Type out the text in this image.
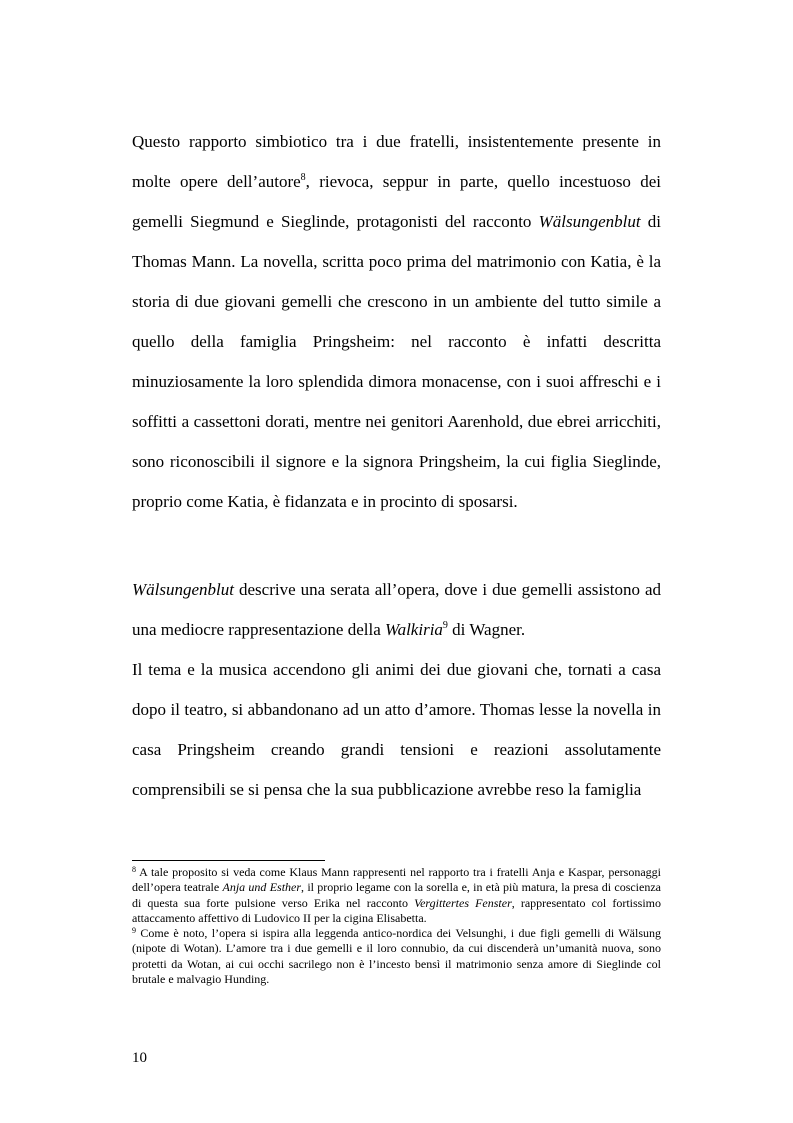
Questo rapporto simbiotico tra i due fratelli, insistentemente presente in molte opere dell’autore$^8$, rievoca, seppur in parte, quello incestuoso dei gemelli Siegmund e Sieglinde, protagonisti del racconto Wälsungenblut di Thomas Mann. La novella, scritta poco prima del matrimonio con Katia, è la storia di due giovani gemelli che crescono in un ambiente del tutto simile a quello della famiglia Pringsheim: nel racconto è infatti descritta minuziosamente la loro splendida dimora monacense, con i suoi affreschi e i soffitti a cassettoni dorati, mentre nei genitori Aarenhold, due ebrei arricchiti, sono riconoscibili il signore e la signora Pringsheim, la cui figlia Sieglinde, proprio come Katia, è fidanzata e in procinto di sposarsi.

Wälsungenblut descrive una serata all’opera, dove i due gemelli assistono ad una mediocre rappresentazione della Walkiria$^9$ di Wagner.

Il tema e la musica accendono gli animi dei due giovani che, tornati a casa dopo il teatro, si abbandonano ad un atto d’amore. Thomas lesse la novella in casa Pringsheim creando grandi tensioni e reazioni assolutamente comprensibili se si pensa che la sua pubblicazione avrebbe reso la famiglia

$^8$ A tale proposito si veda come Klaus Mann rappresenti nel rapporto tra i fratelli Anja e Kaspar, personaggi dell’opera teatrale Anja und Esther, il proprio legame con la sorella e, in età più matura, la presa di coscienza di questa sua forte pulsione verso Erika nel racconto Vergittertes Fenster, rappresentato col fortissimo attaccamento affettivo di Ludovico II per la cigina Elisabetta.

$^9$ Come è noto, l’opera si ispira alla leggenda antico-nordica dei Velsunghi, i due figli gemelli di Wälsung (nipote di Wotan). L’amore tra i due gemelli e il loro connubio, da cui discenderà un’umanità nuova, sono protetti da Wotan, ai cui occhi sacrilego non è l’incesto bensì il matrimonio senza amore di Sieglinde col brutale e malvagio Hunding.

10
